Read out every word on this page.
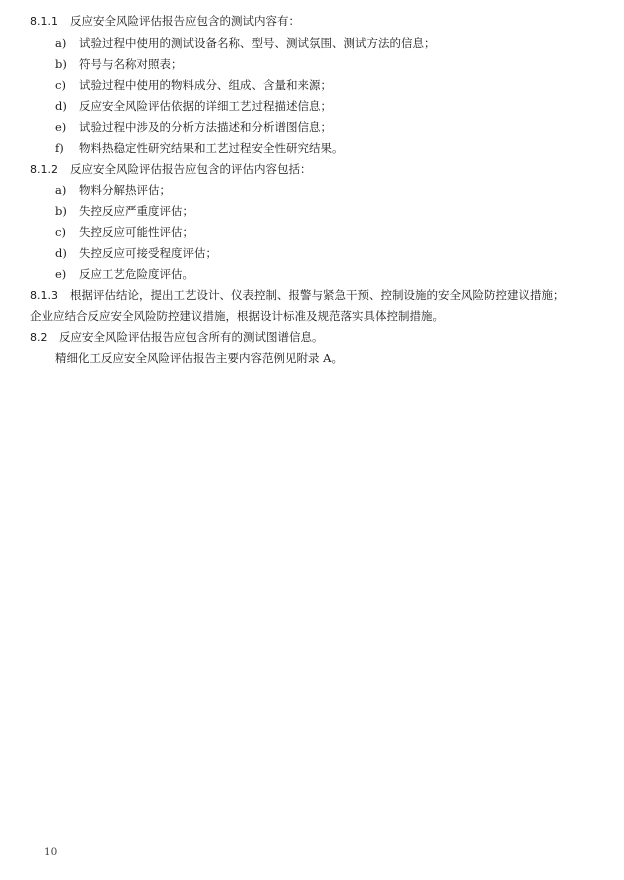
8.1.1 反应安全风险评估报告应包含的测试内容有：
a) 试验过程中使用的测试设备名称、型号、测试氛围、测试方法的信息；
b) 符号与名称对照表；
c) 试验过程中使用的物料成分、组成、含量和来源；
d) 反应安全风险评估依据的详细工艺过程描述信息；
e) 试验过程中涉及的分析方法描述和分析谱图信息；
f) 物料热稳定性研究结果和工艺过程安全性研究结果。
8.1.2 反应安全风险评估报告应包含的评估内容包括：
a) 物料分解热评估；
b) 失控反应严重度评估；
c) 失控反应可能性评估；
d) 失控反应可接受程度评估；
e) 反应工艺危险度评估。
8.1.3 根据评估结论，提出工艺设计、仪表控制、报警与紧急干预、控制设施的安全风险防控建议措施；
企业应结合反应安全风险防控建议措施，根据设计标准及规范落实具体控制措施。
8.2 反应安全风险评估报告应包含所有的测试图谱信息。
精细化工反应安全风险评估报告主要内容范例见附录 A。
10
